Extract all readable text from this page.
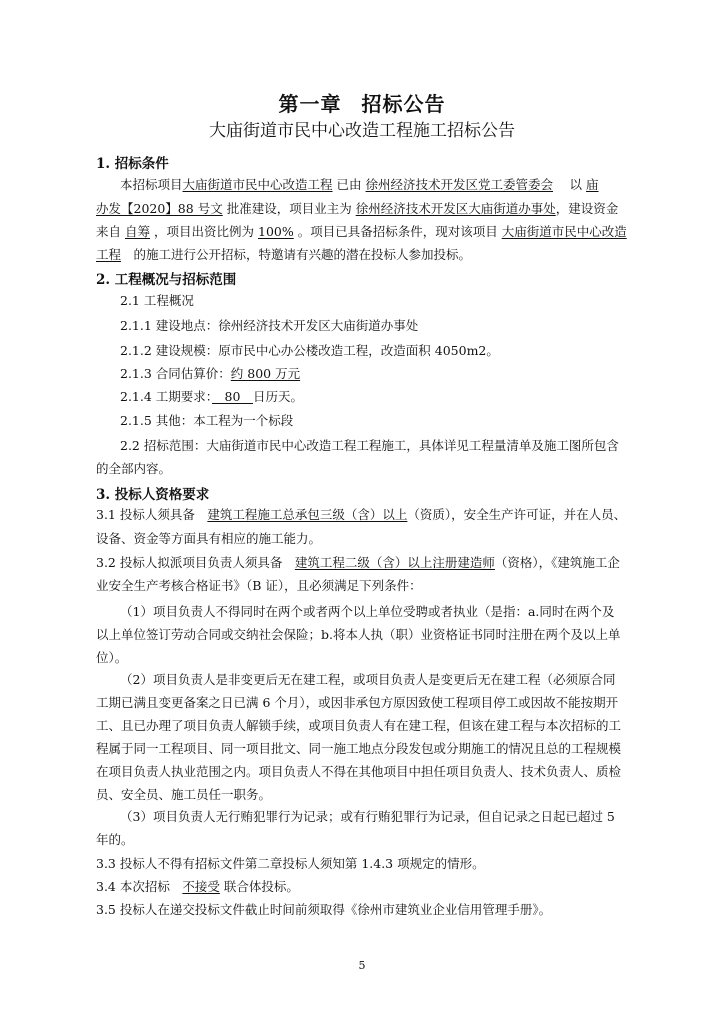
第一章 招标公告
大庙街道市民中心改造工程施工招标公告
1. 招标条件
本招标项目大庙街道市民中心改造工程 已由 徐州经济技术开发区党工委管委会　 以 庙
办发【2020】88 号文 批准建设，项目业主为 徐州经济技术开发区大庙街道办事处，建设资金
来自 自筹 ，项目出资比例为 100% 。项目已具备招标条件，现对该项目 大庙街道市民中心改造
工程　 的施工进行公开招标，特邀请有兴趣的潜在投标人参加投标。
2. 工程概况与招标范围
2.1 工程概况
2.1.1 建设地点：徐州经济技术开发区大庙街道办事处
2.1.2 建设规模：原市民中心办公楼改造工程，改造面积 4050m2。
2.1.3 合同估算价：约 800 万元
2.1.4 工期要求：　 80　 日历天。
2.1.5 其他：本工程为一个标段
2.2 招标范围：大庙街道市民中心改造工程工程施工，具体详见工程量清单及施工图所包含
的全部内容。
3. 投标人资格要求
3.1 投标人须具备　 建筑工程施工总承包三级（含）以上（资质），安全生产许可证，并在人员、
设备、资金等方面具有相应的施工能力。
3.2 投标人拟派项目负责人须具备　 建筑工程二级（含）以上注册建造师（资格），《建筑施工企
业安全生产考核合格证书》（B 证），且必须满足下列条件：
（1）项目负责人不得同时在两个或者两个以上单位受聘或者执业（是指：a.同时在两个及
以上单位签订劳动合同或交纳社会保险；b.将本人执（职）业资格证书同时注册在两个及以上单
位）。
（2）项目负责人是非变更后无在建工程，或项目负责人是变更后无在建工程（必须原合同
工期已满且变更备案之日已满 6 个月），或因非承包方原因致使工程项目停工或因故不能按期开
工、且已办理了项目负责人解锁手续，或项目负责人有在建工程，但该在建工程与本次招标的工
程属于同一工程项目、同一项目批文、同一施工地点分段发包或分期施工的情况且总的工程规模
在项目负责人执业范围之内。项目负责人不得在其他项目中担任项目负责人、技术负责人、质检
员、安全员、施工员任一职务。
（3）项目负责人无行贿犯罪行为记录；或有行贿犯罪行为记录，但自记录之日起已超过 5
年的。
3.3 投标人不得有招标文件第二章投标人须知第 1.4.3 项规定的情形。
3.4 本次招标　 不接受 联合体投标。
3.5 投标人在递交投标文件截止时间前须取得《徐州市建筑业企业信用管理手册》。
5
